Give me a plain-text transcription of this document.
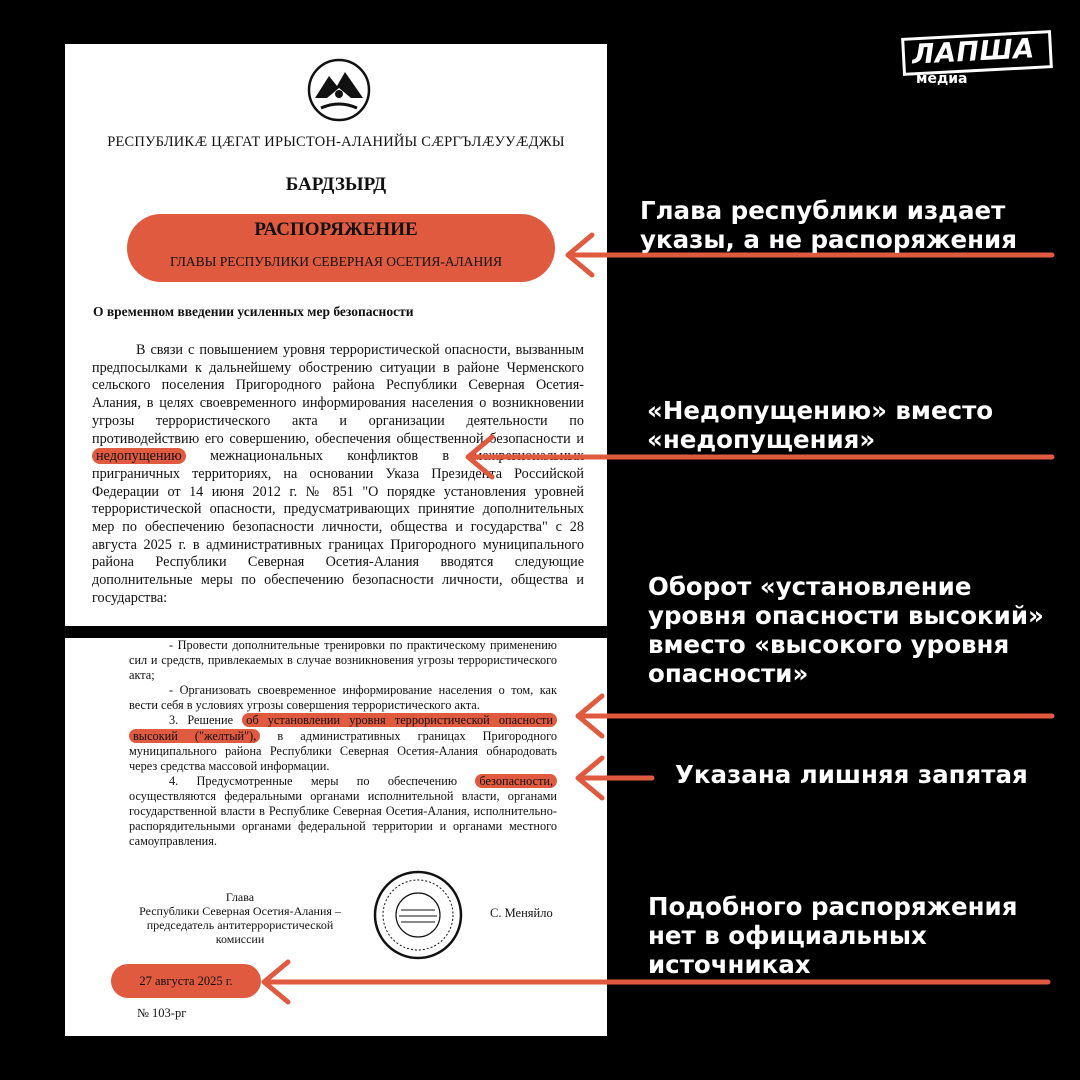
ЛАПША
медиа
РЕСПУБЛИКӔ ЦӔГАТ ИРЫСТОН-АЛАНИЙЫ СӔРГЪЛӔУУӔДЖЫ
БАРДЗЫРД
РАСПОРЯЖЕНИЕ
ГЛАВЫ РЕСПУБЛИКИ СЕВЕРНАЯ ОСЕТИЯ-АЛАНИЯ
О временном введении усиленных мер безопасности
В связи с повышением уровня террористической опасности, вызванным предпосылками к дальнейшему обострению ситуации в районе Черменского сельского поселения Пригородного района Республики Северная Осетия-Алания, в целях своевременного информирования населения о возникновении угрозы террористического акта и организации деятельности по противодействию его совершению, обеспечения общественной безопасности и недопущению межнациональных конфликтов в межрегиональных приграничных территориях, на основании Указа Президента Российской Федерации от 14 июня 2012 г. № 851 "О порядке установления уровней террористической опасности, предусматривающих принятие дополнительных мер по обеспечению безопасности личности, общества и государства" с 28 августа 2025 г. в административных границах Пригородного муниципального района Республики Северная Осетия-Алания вводятся следующие дополнительные меры по обеспечению безопасности личности, общества и государства:

- Провести дополнительные тренировки по практическому применению сил и средств, привлекаемых в случае возникновения угрозы террористического акта;

- Организовать своевременное информирование населения о том, как вести себя в условиях угрозы совершения террористического акта.

3. Решение об установлении уровня террористической опасности высокий ("желтый"), в административных границах Пригородного муниципального района Республики Северная Осетия-Алания обнародовать через средства массовой информации.

4. Предусмотренные меры по обеспечению безопасности, осуществляются федеральными органами исполнительной власти, органами государственной власти в Республике Северная Осетия-Алания, исполнительно-распорядительными органами федеральной территории и органами местного самоуправления.

Глава
Республики Северная Осетия-Алания –
председатель антитеррористической
комиссии
С. Меняйло
27 августа 2025 г.
№ 103-рг
Глава республики издает указы, а не распоряжения
«Недопущению» вместо «недопущения»
Оборот «установление уровня опасности высокий» вместо «высокого уровня опасности»
Указана лишняя запятая
Подобного распоряжения нет в официальных источниках
